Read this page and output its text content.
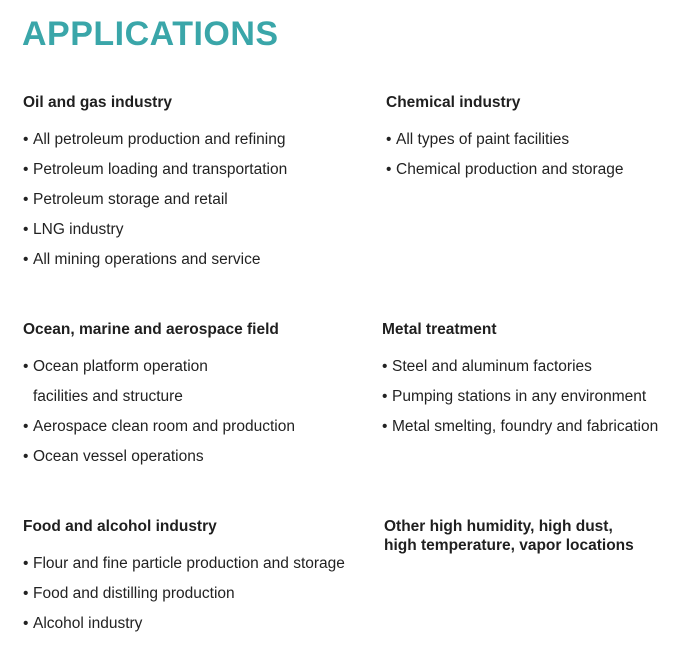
APPLICATIONS
Oil and gas industry
• All petroleum production and refining
• Petroleum loading and transportation
• Petroleum storage and retail
• LNG industry
• All mining operations and service
Chemical industry
• All types of paint facilities
• Chemical production and storage
Ocean, marine and aerospace field
• Ocean platform operation facilities and structure
• Aerospace clean room and production
• Ocean vessel operations
Metal treatment
• Steel and aluminum factories
• Pumping stations in any environment
• Metal smelting, foundry and fabrication
Food and alcohol industry
• Flour and fine particle production and storage
• Food and distilling production
• Alcohol industry
Other high humidity, high dust,
high temperature, vapor locations
